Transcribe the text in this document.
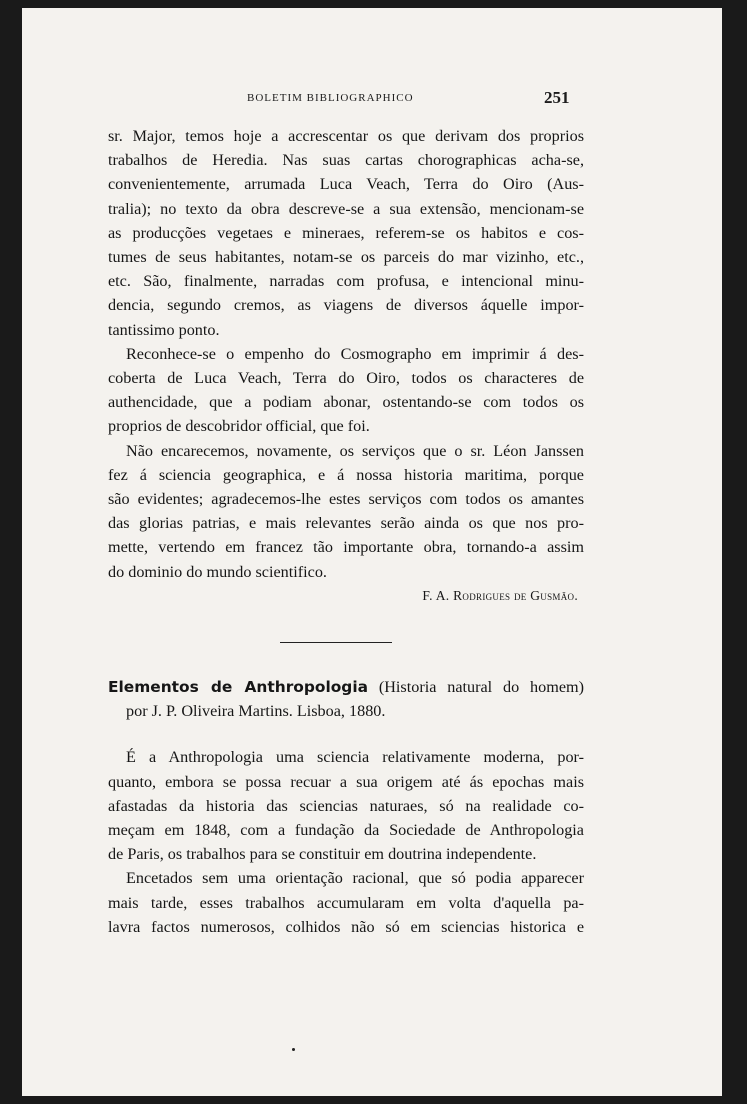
BOLETIM BIBLIOGRAPHICO	251
sr. Major, temos hoje a accrescentar os que derivam dos proprios
trabalhos de Heredia. Nas suas cartas chorographicas acha-se,
convenientemente, arrumada Luca Veach, Terra do Oiro (Aus-
tralia); no texto da obra descreve-se a sua extensão, mencionam-se
as producções vegetaes e mineraes, referem-se os habitos e cos-
tumes de seus habitantes, notam-se os parceis do mar vizinho, etc.,
etc. São, finalmente, narradas com profusa, e intencional minu-
dencia, segundo cremos, as viagens de diversos áquelle impor-
tantissimo ponto.
Reconhece-se o empenho do Cosmographo em imprimir á des-
coberta de Luca Veach, Terra do Oiro, todos os characteres de
authencidade, que a podiam abonar, ostentando-se com todos os
proprios de descobridor official, que foi.
Não encarecemos, novamente, os serviços que o sr. Léon Janssen
fez á sciencia geographica, e á nossa historia maritima, porque
são evidentes; agradecemos-lhe estes serviços com todos os amantes
das glorias patrias, e mais relevantes serão ainda os que nos pro-
mette, vertendo em francez tão importante obra, tornando-a assim
do dominio do mundo scientifico.
F. A. Rodrigues de Gusmão.
Elementos de Anthropologia (Historia natural do homem)
por J. P. Oliveira Martins. Lisboa, 1880.
É a Anthropologia uma sciencia relativamente moderna, por-
quanto, embora se possa recuar a sua origem até ás epochas mais
afastadas da historia das sciencias naturaes, só na realidade co-
meçam em 1848, com a fundação da Sociedade de Anthropologia
de Paris, os trabalhos para se constituir em doutrina independente.
Encetados sem uma orientação racional, que só podia apparecer
mais tarde, esses trabalhos accumularam em volta d'aquella pa-
lavra factos numerosos, colhidos não só em sciencias historica e
